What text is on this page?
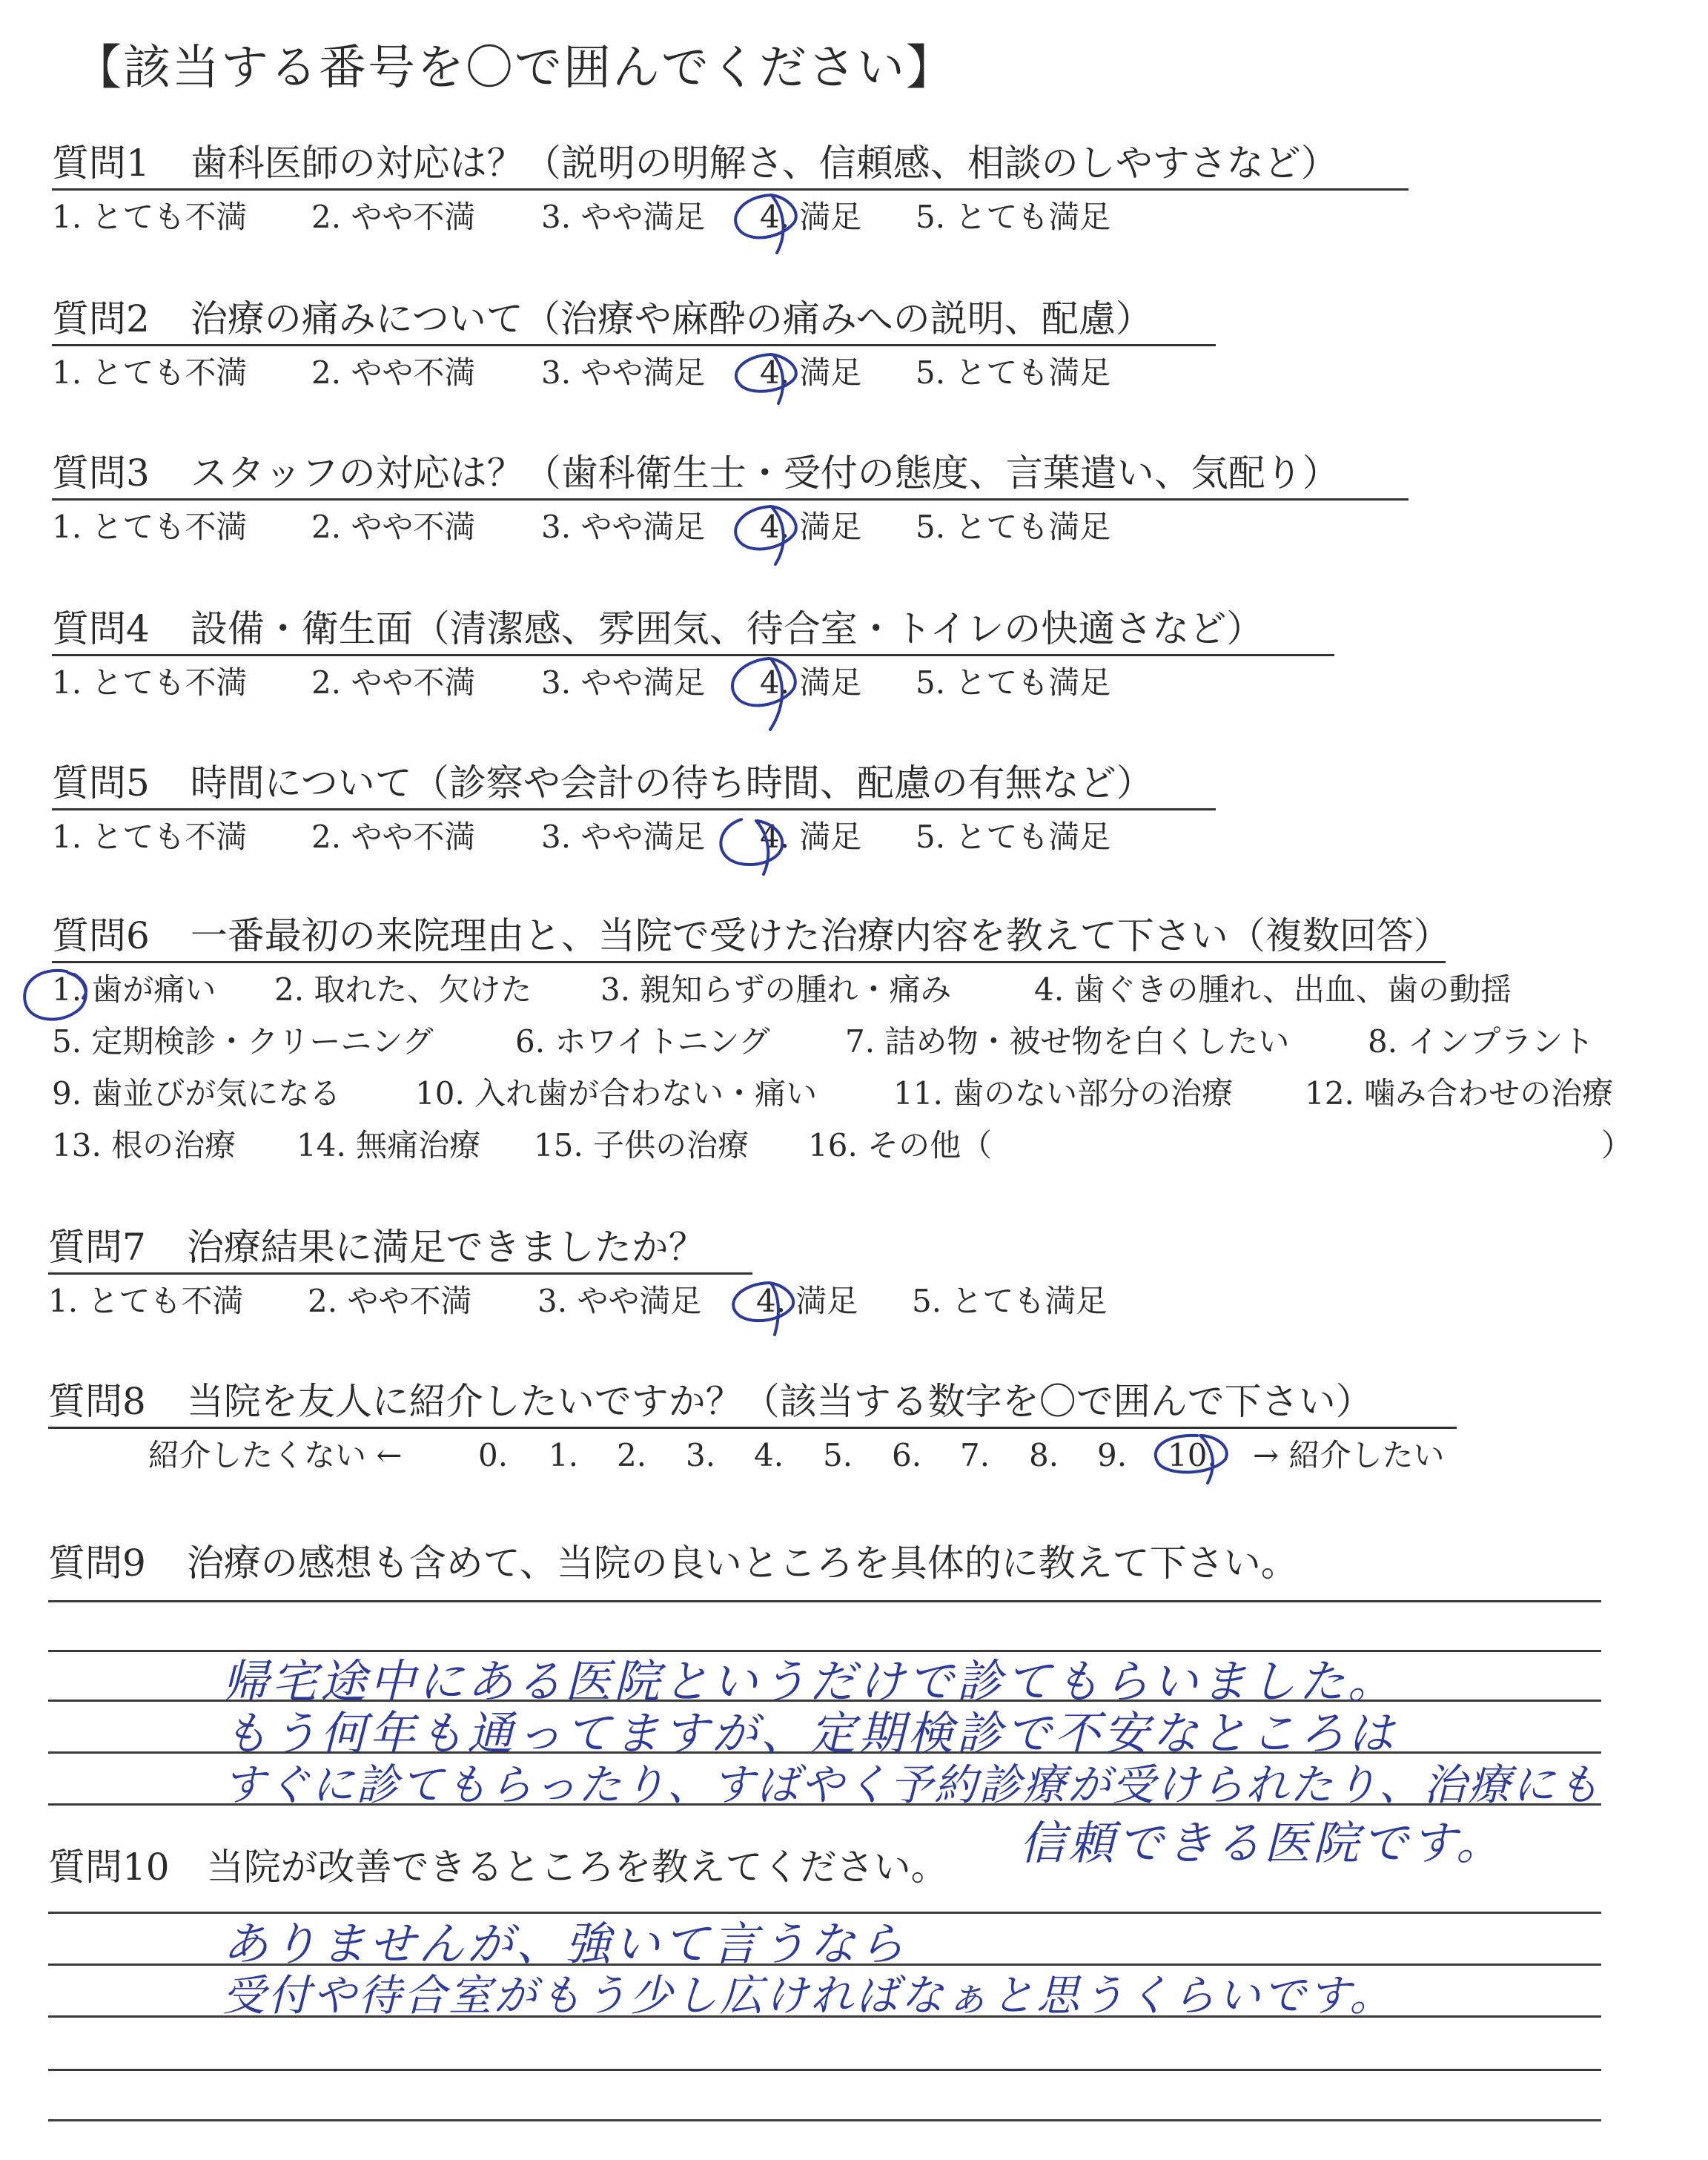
【該当する番号を〇で囲んでください】
質問1 歯科医師の対応は？（説明の明解さ、信頼感、相談のしやすさなど）
1. とても不満 2. やや不満 3. やや満足 4. 満足 5. とても満足
質問2 治療の痛みについて（治療や麻酔の痛みへの説明、配慮）
1. とても不満 2. やや不満 3. やや満足 4. 満足 5. とても満足
質問3 スタッフの対応は？（歯科衛生士・受付の態度、言葉遣い、気配り）
1. とても不満 2. やや不満 3. やや満足 4. 満足 5. とても満足
質問4 設備・衛生面（清潔感、雰囲気、待合室・トイレの快適さなど）
1. とても不満 2. やや不満 3. やや満足 4. 満足 5. とても満足
質問5 時間について（診察や会計の待ち時間、配慮の有無など）
1. とても不満 2. やや不満 3. やや満足 4. 満足 5. とても満足
質問6 一番最初の来院理由と、当院で受けた治療内容を教えて下さい（複数回答）
1. 歯が痛い 2. 取れた、欠けた 3. 親知らずの腫れ・痛み	4. 歯ぐきの腫れ、出血、歯の動揺
5. 定期検診・クリーニング	6. ホワイトニング 7. 詰め物・被せ物を白くしたい	8. インプラント
9. 歯並びが気になる 10. 入れ歯が合わない・痛い 11. 歯のない部分の治療 12. 噛み合わせの治療
13. 根の治療 14. 無痛治療 15. 子供の治療 16. その他（	）
質問7 治療結果に満足できましたか？
1. とても不満 2. やや不満 3. やや満足 4. 満足 5. とても満足
質問8 当院を友人に紹介したいですか？（該当する数字を〇で囲んで下さい）
紹介したくない ← 0. 1. 2. 3. 4. 5. 6. 7. 8. 9. 10. → 紹介したい
質問9 治療の感想も含めて、当院の良いところを具体的に教えて下さい。
帰宅途中にある医院というだけで診てもらいました。
もう何年も通ってますが、定期検診で不安なところは
すぐに診てもらったり、すばやく予約診療が受けられたり、治療にも
信頼できる医院です。
質問10 当院が改善できるところを教えてください。
ありませんが、強いて言うなら
受付や待合室がもう少し広ければなぁと思うくらいです。
